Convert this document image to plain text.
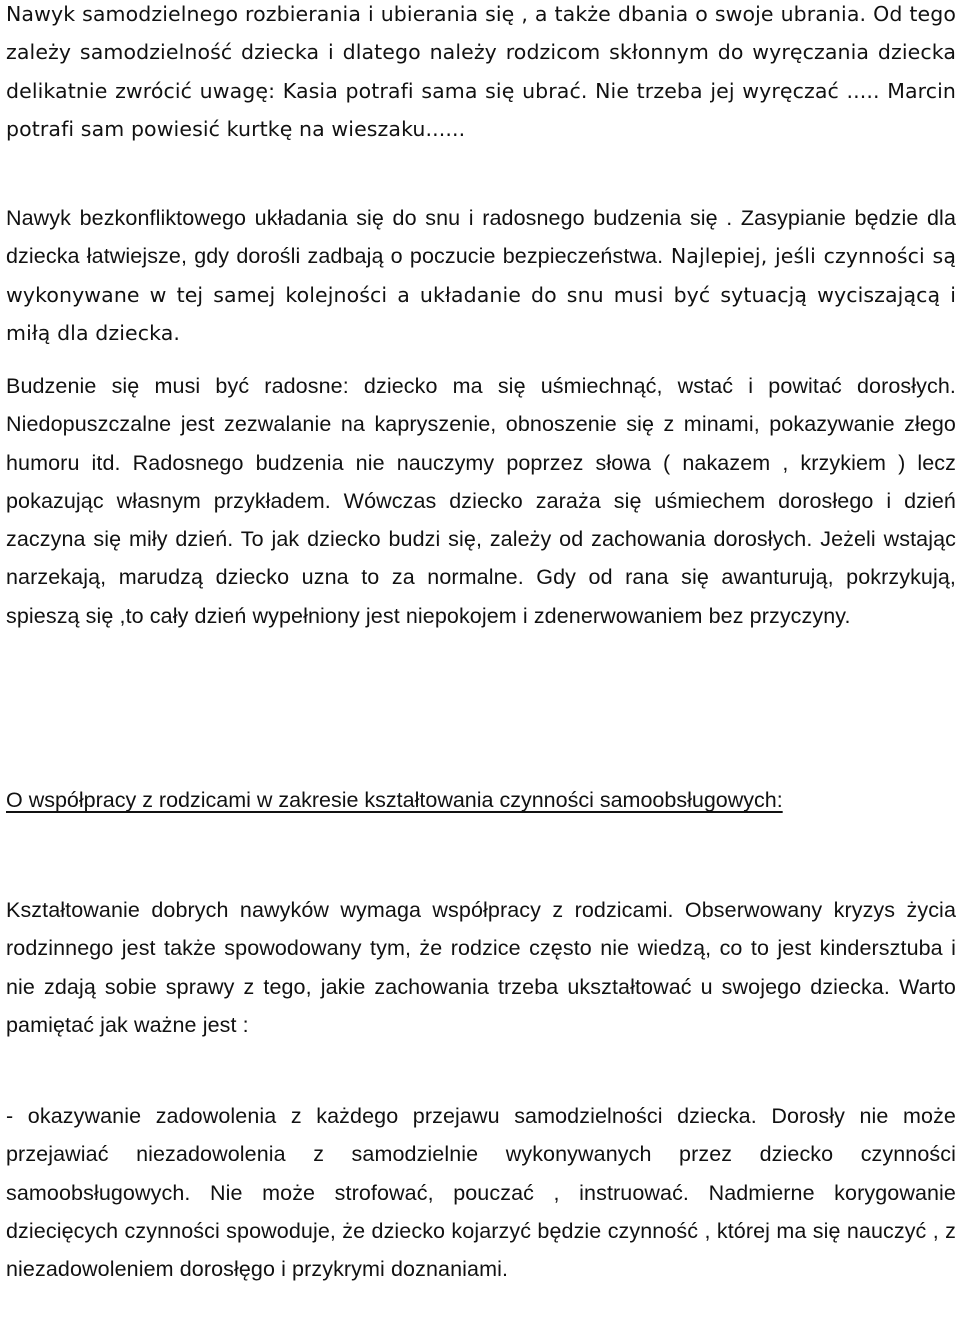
Nawyk samodzielnego rozbierania i ubierania się , a także dbania o swoje ubrania. Od tego zależy samodzielność dziecka i dlatego należy rodzicom skłonnym do wyręczania dziecka delikatnie zwrócić uwagę: Kasia potrafi sama się ubrać. Nie trzeba jej wyręczać ..... Marcin potrafi sam powiesić kurtkę na wieszaku......

Nawyk bezkonfliktowego układania się do snu i radosnego budzenia się . Zasypianie będzie dla dziecka łatwiejsze, gdy dorośli zadbają o poczucie bezpieczeństwa. Najlepiej, jeśli czynności są wykonywane w tej samej kolejności a układanie do snu musi być sytuacją wyciszającą i miłą dla dziecka.

Budzenie się musi być radosne: dziecko ma się uśmiechnąć, wstać i powitać dorosłych. Niedopuszczalne jest zezwalanie na kapryszenie, obnoszenie się z minami, pokazywanie złego humoru itd. Radosnego budzenia nie nauczymy poprzez słowa ( nakazem , krzykiem ) lecz pokazując własnym przykładem. Wówczas dziecko zaraża się uśmiechem dorosłego i dzień zaczyna się miły dzień. To jak dziecko budzi się, zależy od zachowania dorosłych. Jeżeli wstając narzekają, marudzą dziecko uzna to za normalne. Gdy od rana się awanturują, pokrzykują, spieszą się ,to cały dzień wypełniony jest niepokojem i zdenerwowaniem bez przyczyny.

O współpracy z rodzicami w zakresie kształtowania czynności samoobsługowych:

Kształtowanie dobrych nawyków wymaga współpracy z rodzicami. Obserwowany kryzys życia rodzinnego jest także spowodowany tym, że rodzice często nie wiedzą, co to jest kindersztuba i nie zdają sobie sprawy z tego, jakie zachowania trzeba ukształtować u swojego dziecka. Warto pamiętać jak ważne jest :

- okazywanie zadowolenia z każdego przejawu samodzielności dziecka. Dorosły nie może przejawiać niezadowolenia z samodzielnie wykonywanych przez dziecko czynności samoobsługowych. Nie może strofować, pouczać , instruować. Nadmierne korygowanie dziecięcych czynności spowoduje, że dziecko kojarzyć będzie czynność , której ma się nauczyć , z niezadowoleniem dorosłęgo i przykrymi doznaniami.
